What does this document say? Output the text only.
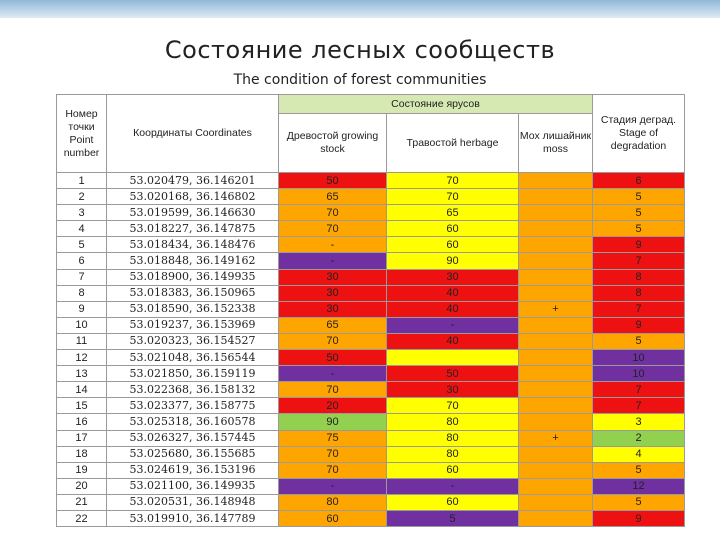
Состояние лесных сообществ
The condition of forest communities
Номер точки Point number	Координаты Coordinates	Состояние ярусов			Стадия деград. Stage of degradation
		Древостой growing stock	Травостой herbage	Мох лишайник moss	
1	53.020479, 36.146201	50	70		6
2	53.020168, 36.146802	65	70		5
3	53.019599, 36.146630	70	65		5
4	53.018227, 36.147875	70	60		5
5	53.018434, 36.148476	-	60		9
6	53.018848, 36.149162	-	90		7
7	53.018900, 36.149935	30	30		8
8	53.018383, 36.150965	30	40		8
9	53.018590, 36.152338	30	40	+	7
10	53.019237, 36.153969	65	-		9
11	53.020323, 36.154527	70	40		5
12	53.021048, 36.156544	50			10
13	53.021850, 36.159119	-	50		10
14	53.022368, 36.158132	70	30		7
15	53.023377, 36.158775	20	70		7
16	53.025318, 36.160578	90	80		3
17	53.026327, 36.157445	75	80	+	2
18	53.025680, 36.155685	70	80		4
19	53.024619, 36.153196	70	60		5
20	53.021100, 36.149935	-	-		12
21	53.020531, 36.148948	80	60		5
22	53.019910, 36.147789	60	5		9
